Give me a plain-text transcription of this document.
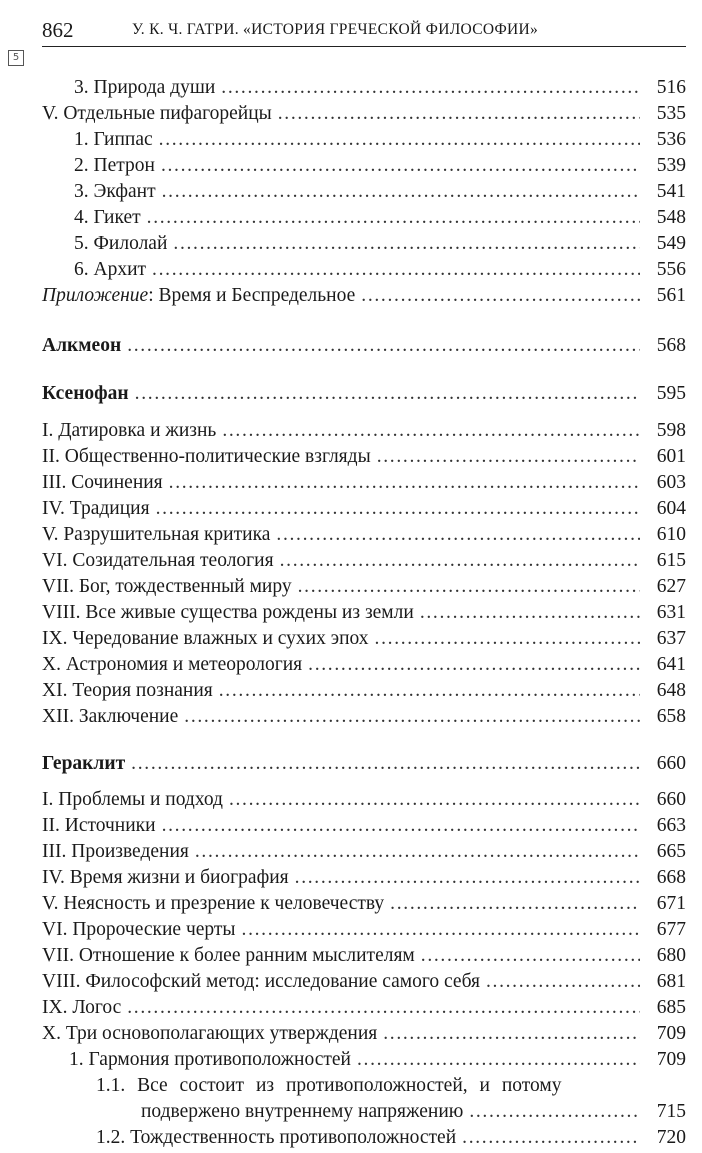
862	У. К. Ч. ГАТРИ. «ИСТОРИЯ ГРЕЧЕСКОЙ ФИЛОСОФИИ»
5
3. Природа души . . .	516
V. Отдельные пифагорейцы . . .	535
1. Гиппас . . .	536
2. Петрон . . .	539
3. Экфант . . .	541
4. Гикет . . .	548
5. Филолай . . .	549
6. Архит . . .	556
Приложение: Время и Беспредельное . . .	561
Алкмеон . . .	568
Ксенофан . . .	595
I. Датировка и жизнь . . .	598
II. Общественно-политические взгляды . . .	601
III. Сочинения . . .	603
IV. Традиция . . .	604
V. Разрушительная критика . . .	610
VI. Созидательная теология . . .	615
VII. Бог, тождественный миру . . .	627
VIII. Все живые существа рождены из земли . . .	631
IX. Чередование влажных и сухих эпох . . .	637
X. Астрономия и метеорология . . .	641
XI. Теория познания . . .	648
XII. Заключение . . .	658
Гераклит . . .	660
I. Проблемы и подход . . .	660
II. Источники . . .	663
III. Произведения . . .	665
IV. Время жизни и биография . . .	668
V. Неясность и презрение к человечеству . . .	671
VI. Пророческие черты . . .	677
VII. Отношение к более ранним мыслителям . . .	680
VIII. Философский метод: исследование самого себя . . .	681
IX. Логос . . .	685
X. Три основополагающих утверждения . . .	709
1. Гармония противоположностей . . .	709
1.1. Все состоит из противоположностей, и потому
подвержено внутреннему напряжению . . .	715
1.2. Тождественность противоположностей . . .	720
